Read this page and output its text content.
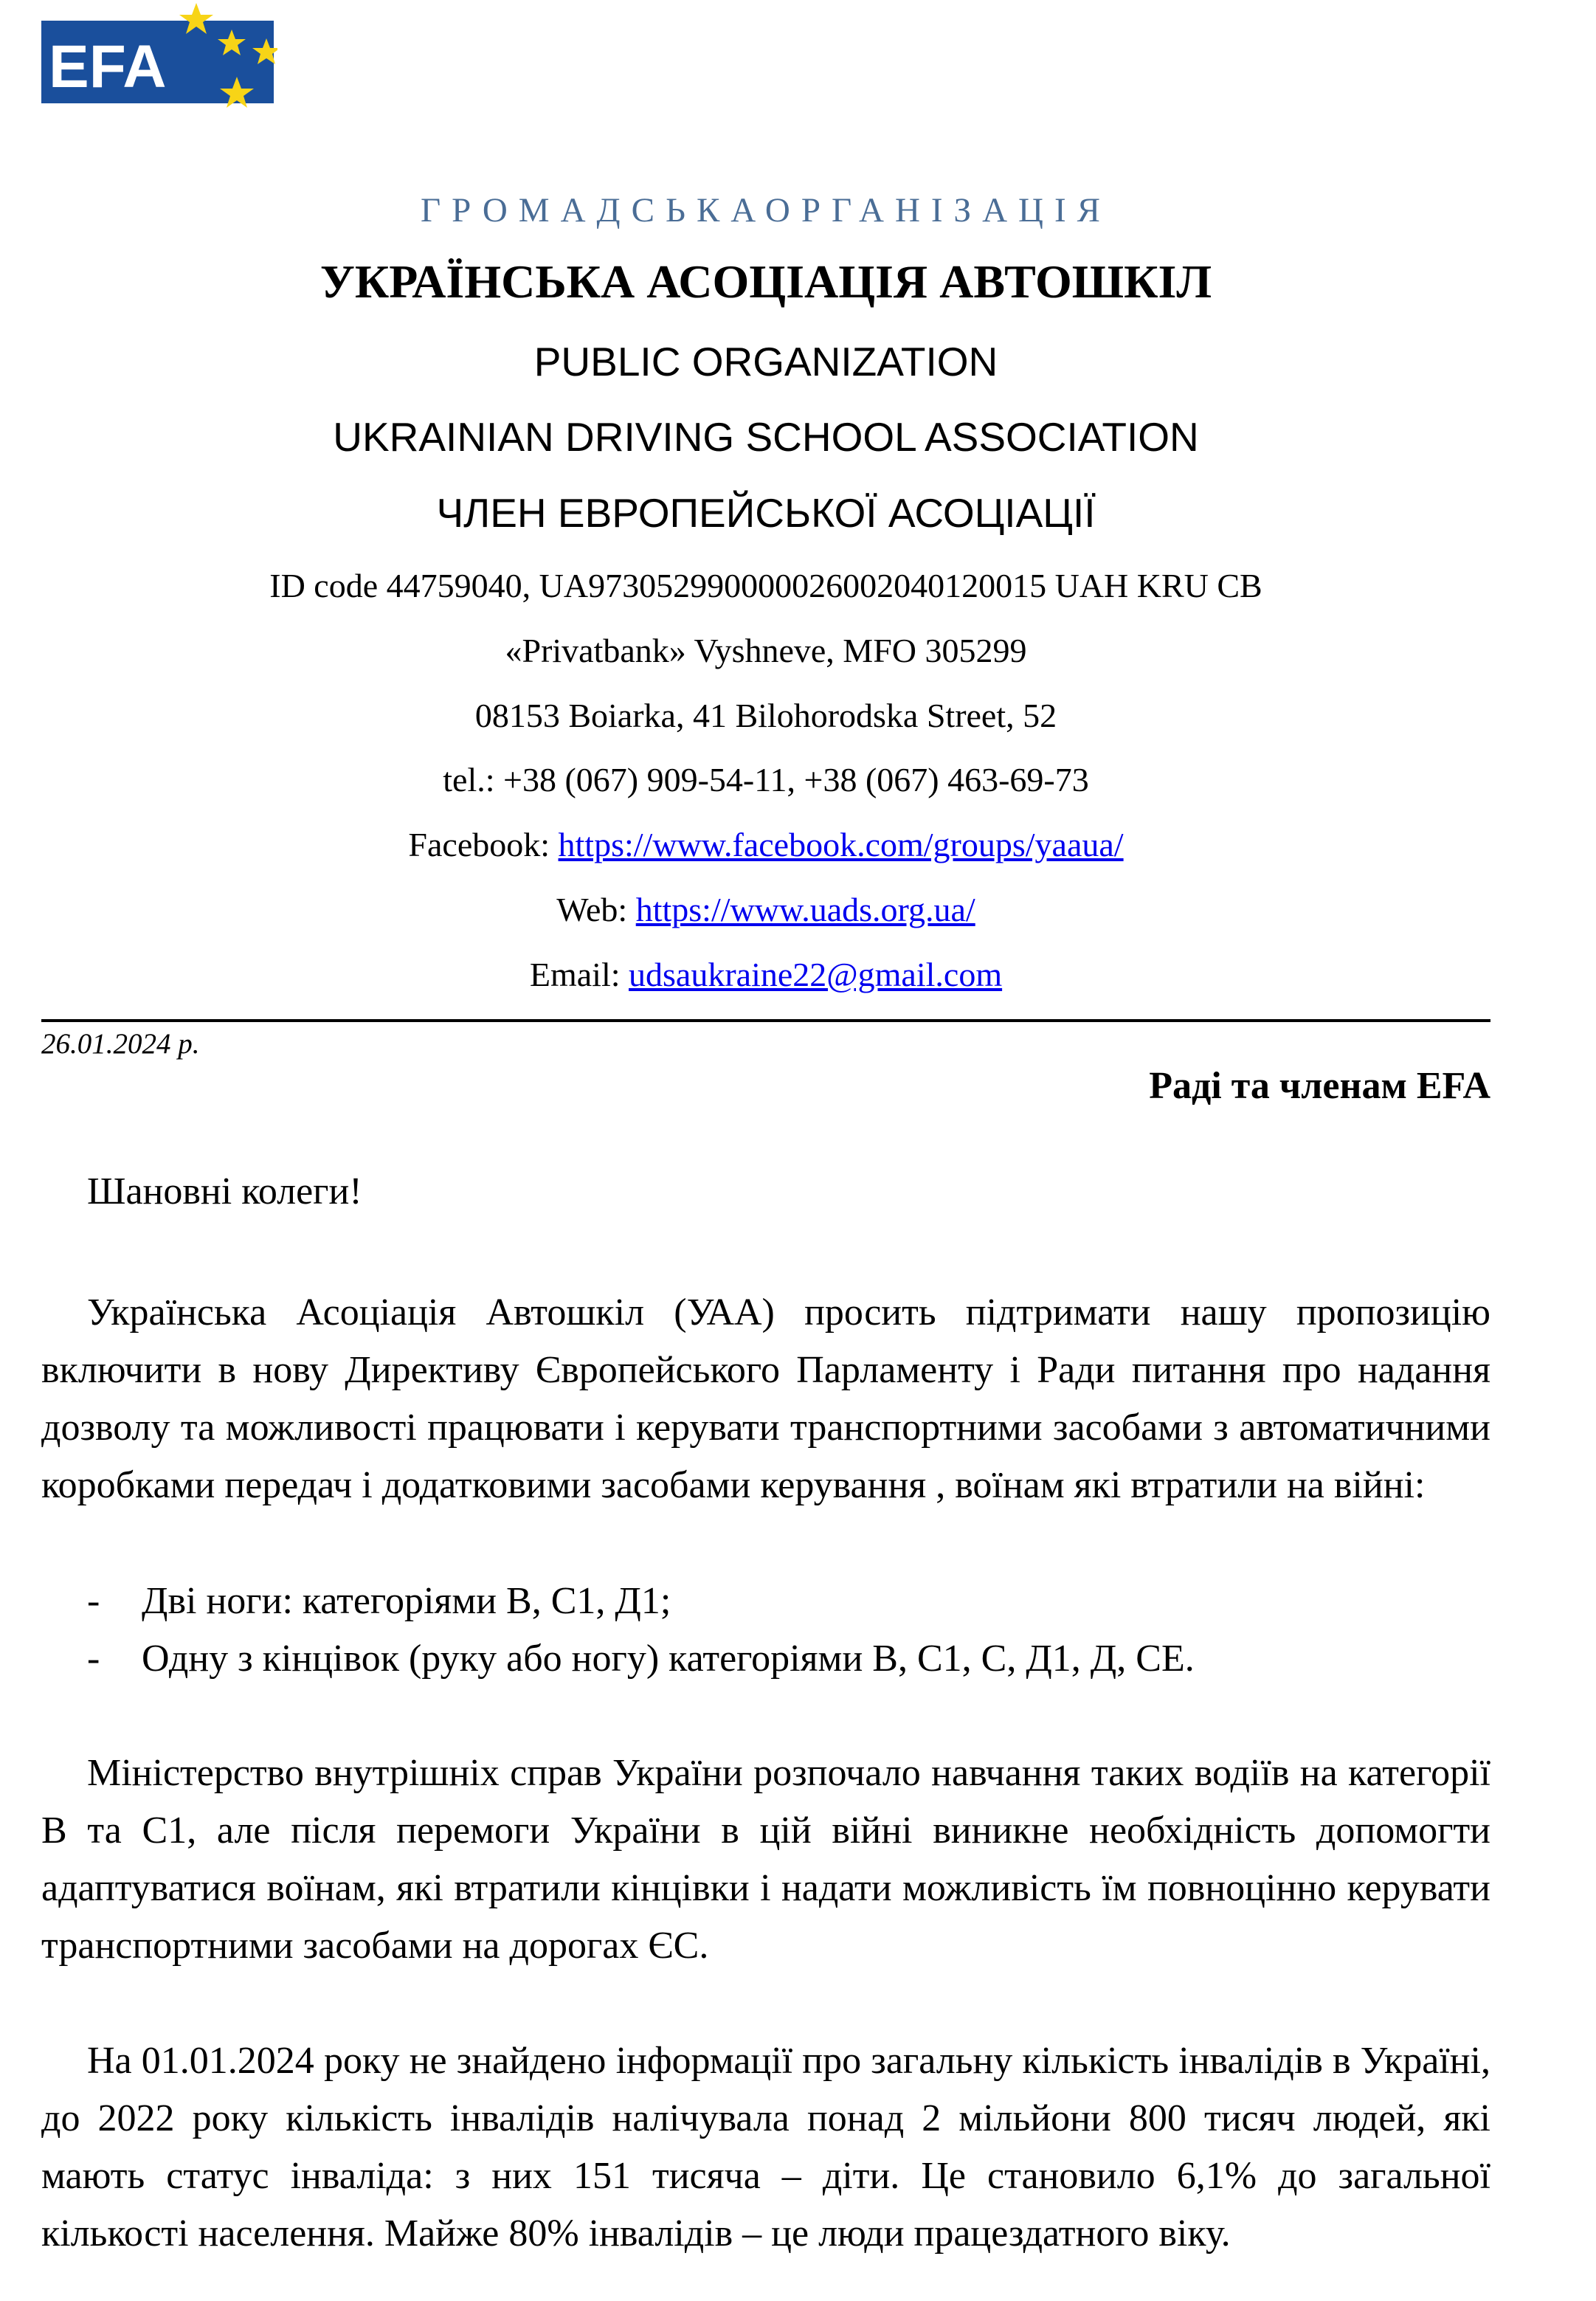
EFA
ГРОМАДСЬКАОРГАНІЗАЦІЯ
УКРАЇНСЬКА АСОЦІАЦІЯ АВТОШКІЛ
PUBLIC ORGANIZATION
UKRAINIAN DRIVING SCHOOL ASSOCIATION
ЧЛЕН ЕВРОПЕЙСЬКОЇ АСОЦІАЦІЇ
ID code 44759040, UA973052990000026002040120015 UAH KRU CB
«Privatbank» Vyshneve, MFO 305299
08153 Boiarka, 41 Bilohorodska Street, 52
tel.: +38 (067) 909-54-11, +38 (067) 463-69-73
Facebook: https://www.facebook.com/groups/yaaua/
Web: https://www.uads.org.ua/
Email: udsaukraine22@gmail.com
26.01.2024 р.
Раді та членам EFA
Шановні колеги!

Українська Асоціація Автошкіл (УАА) просить підтримати нашу пропозицію включити в нову Директиву Європейського Парламенту і Ради питання про надання дозволу та можливості працювати і керувати транспортними засобами з автоматичними коробками передач і додатковими засобами керування , воїнам які втратили на війні:

- Дві ноги: категоріями В, С1, Д1;
- Одну з кінцівок (руку або ногу) категоріями В, С1, С, Д1, Д, СЕ.

Міністерство внутрішніх справ України розпочало навчання таких водіїв на категорії В та С1, але після перемоги України в цій війні виникне необхідність допомогти адаптуватися воїнам, які втратили кінцівки і надати можливість їм повноцінно керувати транспортними засобами на дорогах ЄС.

На 01.01.2024 року не знайдено інформації про загальну кількість інвалідів в Україні, до 2022 року кількість інвалідів налічувала понад 2 мільйони 800 тисяч людей, які мають статус інваліда: з них 151 тисяча – діти. Це становило 6,1% до загальної кількості населення. Майже 80% інвалідів – це люди працездатного віку.
